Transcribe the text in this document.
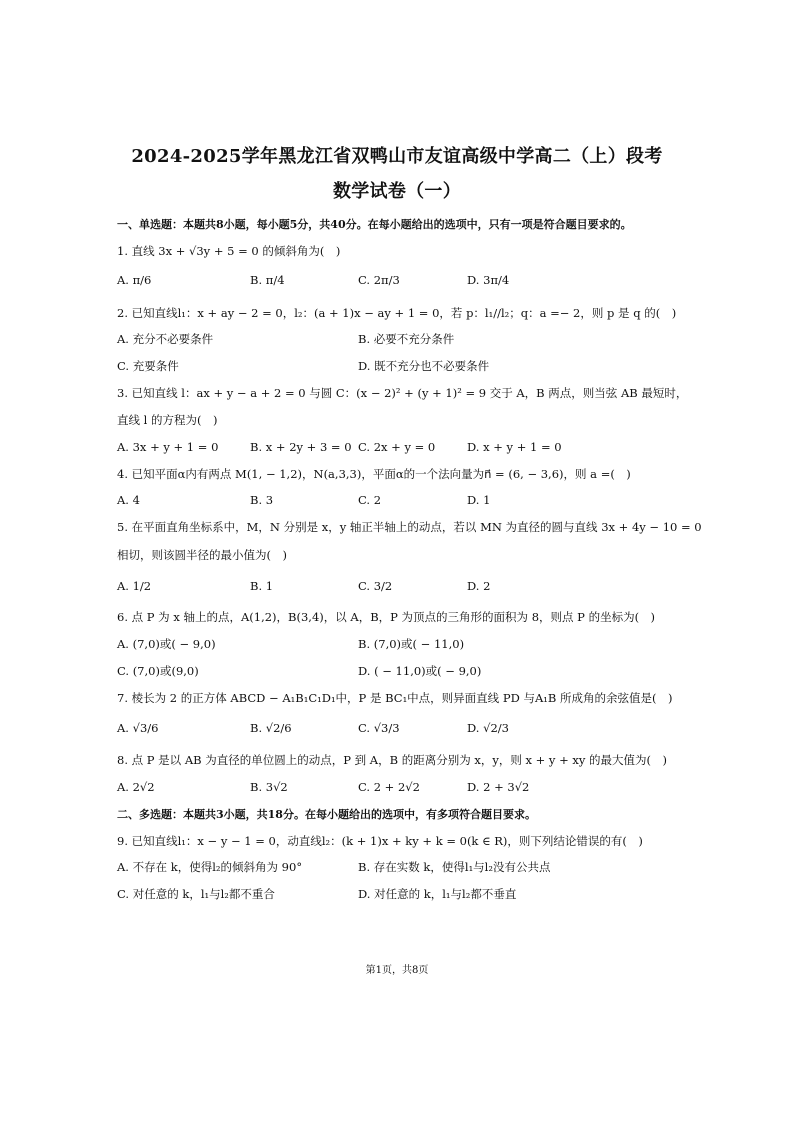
2024-2025学年黑龙江省双鸭山市友谊高级中学高二（上）段考
数学试卷（一）
一、单选题：本题共8小题，每小题5分，共40分。在每小题给出的选项中，只有一项是符合题目要求的。
1. 直线 3x + √3y + 5 = 0 的倾斜角为(　)
A. π/6	B. π/4	C. 2π/3	D. 3π/4
2. 已知直线l₁：x + ay − 2 = 0，l₂：(a + 1)x − ay + 1 = 0，若 p：l₁//l₂；q：a =− 2，则 p 是 q 的(　)
A. 充分不必要条件	B. 必要不充分条件
C. 充要条件	D. 既不充分也不必要条件
3. 已知直线 l：ax + y − a + 2 = 0 与圆 C：(x − 2)² + (y + 1)² = 9 交于 A，B 两点，则当弦 AB 最短时，
直线 l 的方程为(　)
A. 3x + y + 1 = 0	B. x + 2y + 3 = 0 C. 2x + y = 0	D. x + y + 1 = 0
4. 已知平面α内有两点 M(1, − 1,2)，N(a,3,3)，平面α的一个法向量为n⃗ = (6, − 3,6)，则 a =(　)
A. 4	B. 3	C. 2	D. 1
5. 在平面直角坐标系中，M，N 分别是 x，y 轴正半轴上的动点，若以 MN 为直径的圆与直线 3x + 4y − 10 = 0
相切，则该圆半径的最小值为(　)
A. 1/2	B. 1	C. 3/2	D. 2
6. 点 P 为 x 轴上的点，A(1,2)，B(3,4)，以 A，B，P 为顶点的三角形的面积为 8，则点 P 的坐标为(　)
A. (7,0)或( − 9,0)	B. (7,0)或( − 11,0)
C. (7,0)或(9,0)	D. ( − 11,0)或( − 9,0)
7. 棱长为 2 的正方体 ABCD − A₁B₁C₁D₁中，P 是 BC₁中点，则异面直线 PD 与A₁B 所成角的余弦值是(　)
A. √3/6	B. √2/6	C. √3/3	D. √2/3
8. 点 P 是以 AB 为直径的单位圆上的动点，P 到 A，B 的距离分别为 x，y，则 x + y + xy 的最大值为(　)
A. 2√2	B. 3√2	C. 2 + 2√2	D. 2 + 3√2
二、多选题：本题共3小题，共18分。在每小题给出的选项中，有多项符合题目要求。
9. 已知直线l₁：x − y − 1 = 0，动直线l₂：(k + 1)x + ky + k = 0(k ∈ R)，则下列结论错误的有(　)
A. 不存在 k，使得l₂的倾斜角为 90°	B. 存在实数 k，使得l₁与l₂没有公共点
C. 对任意的 k，l₁与l₂都不重合	D. 对任意的 k，l₁与l₂都不垂直
第1页，共8页
